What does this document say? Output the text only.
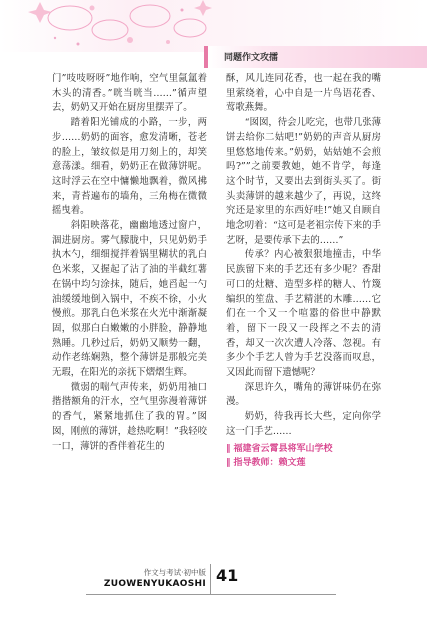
同题作文攻擂

门”吱吱呀呀”地作响，空气里氤氲着木头的清香。”咣当咣当……”循声望去，奶奶又开始在厨房里摆弄了。

踏着阳光铺成的小路，一步，两步……奶奶的面容，愈发清晰，苍老的脸上，皱纹似是用刀刻上的，却笑意荡漾。细看，奶奶正在做薄饼呢。这时浮云在空中慵懒地飘着，微风拂来，青苔遍布的墙角，三角梅在微微摇曳着。

斜阳映落花，幽幽地透过窗户，涸进厨房。雾气朦胧中，只见奶奶手执木勺，细细搅拌着锅里糊状的乳白色米浆，又握起了沾了油的半截红薯在锅中均匀涂抹，随后，她舀起一勺油缓缓地倒入锅中，不疾不徐，小火慢煎。那乳白色米浆在火光中渐渐凝固，似那白白嫩嫩的小胖脸，静静地熟睡。几秒过后，奶奶又顺势一翻，动作老练娴熟，整个薄饼是那般完美无瑕，在阳光的亲抚下熠熠生辉。

微弱的喘气声传来，奶奶用袖口揩揩额角的汗水，空气里弥漫着薄饼的香气，紧紧地抓住了我的胃。”囡囡，刚煎的薄饼，趁热吃啊！”我轻咬一口，薄饼的香伴着花生的

酥，风儿连同花香，也一起在我的嘴里萦绕着，心中自是一片鸟语花香、莺歌燕舞。

“囡囡，待会儿吃完，也带几张薄饼去给你二姑吧!”奶奶的声音从厨房里悠悠地传来。”奶奶，姑姑她不会煎吗?””之前要教她，她不肯学，每逢这个时节，又要出去到街头买了。街头卖薄饼的越来越少了，再说，这终究还是家里的东西好哇!”她又自顾自地念叨着：“这可是老祖宗传下来的手艺呀，是要传承下去的……”

传承？内心被狠狠地撞击，中华民族留下来的手艺还有多少呢？香甜可口的灶糖、造型多样的糖人、竹篾编织的笙盘、手艺精湛的木雕……它们在一个又一个喧嚣的俗世中静默着，留下一段又一段挥之不去的清香，却又一次次遭人冷落、忽视。有多少个手艺人曾为手艺没落而叹息，又因此而留下遗憾呢？

深思许久，嘴角的薄饼味仍在弥漫。

奶奶，待我再长大些，定向你学这一门手艺……

‖ 福建省云霄县将军山学校
‖ 指导教师：赖文莲
作文与考试·初中版
ZUOWENYUKAOSHI 41
